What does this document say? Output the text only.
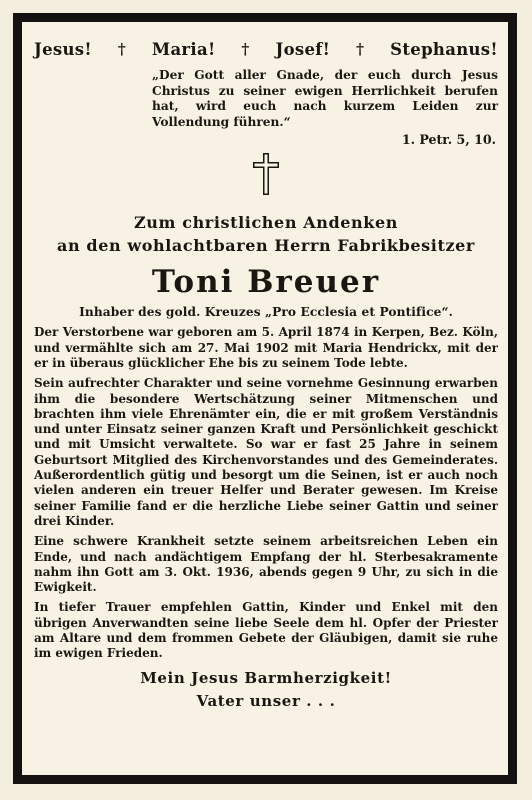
Jesus! † Maria! † Josef! † Stephanus!
„Der Gott aller Gnade, der euch durch Jesus Christus zu seiner ewigen Herrlichkeit berufen hat, wird euch nach kurzem Leiden zur Vollendung führen.“
1. Petr. 5, 10.
Zum christlichen Andenken
an den wohlachtbaren Herrn Fabrikbesitzer
Toni Breuer
Inhaber des gold. Kreuzes „Pro Ecclesia et Pontifice“.

Der Verstorbene war geboren am 5. April 1874 in Kerpen, Bez. Köln, und vermählte sich am 27. Mai 1902 mit Maria Hendrickx, mit der er in überaus glücklicher Ehe bis zu seinem Tode lebte.

Sein aufrechter Charakter und seine vornehme Gesinnung erwarben ihm die besondere Wertschätzung seiner Mitmenschen und brachten ihm viele Ehrenämter ein, die er mit großem Verständnis und unter Einsatz seiner ganzen Kraft und Persönlichkeit geschickt und mit Umsicht verwaltete. So war er fast 25 Jahre in seinem Geburtsort Mitglied des Kirchenvorstandes und des Gemeinderates. Außerordentlich gütig und besorgt um die Seinen, ist er auch noch vielen anderen ein treuer Helfer und Berater gewesen. Im Kreise seiner Familie fand er die herzliche Liebe seiner Gattin und seiner drei Kinder.

Eine schwere Krankheit setzte seinem arbeitsreichen Leben ein Ende, und nach andächtigem Empfang der hl. Sterbesakramente nahm ihn Gott am 3. Okt. 1936, abends gegen 9 Uhr, zu sich in die Ewigkeit.

In tiefer Trauer empfehlen Gattin, Kinder und Enkel mit den übrigen Anverwandten seine liebe Seele dem hl. Opfer der Priester am Altare und dem frommen Gebete der Gläubigen, damit sie ruhe im ewigen Frieden.

Mein Jesus Barmherzigkeit!
Vater unser . . .
